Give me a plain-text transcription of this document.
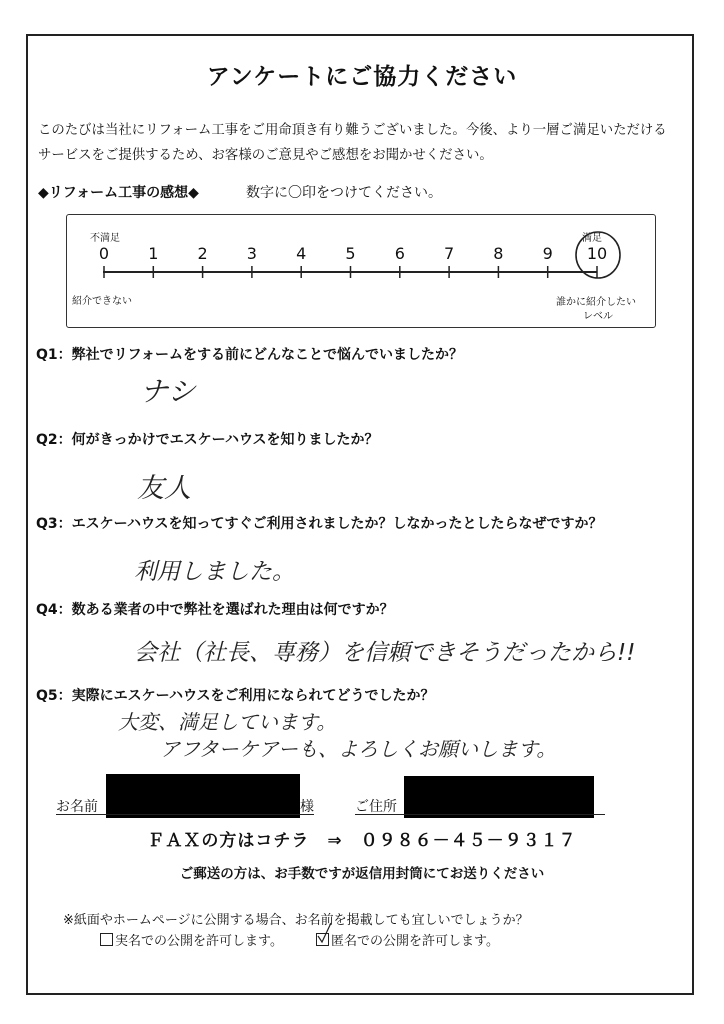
アンケートにご協力ください
このたびは当社にリフォーム工事をご用命頂き有り難うございました。今後、より一層ご満足いただけるサービスをご提供するため、お客様のご意見やご感想をお聞かせください。
◆リフォーム工事の感想◆	数字に〇印をつけてください。
不満足	満足
0	1	2	3	4	5	6	7	8	9	10
紹介できない	誰かに紹介したい
レベル
Q1：弊社でリフォームをする前にどんなことで悩んでいましたか？
ナシ
Q2：何がきっかけでエスケーハウスを知りましたか？
友人
Q3：エスケーハウスを知ってすぐご利用されましたか？しなかったとしたらなぜですか？
利用しました。
Q4：数ある業者の中で弊社を選ばれた理由は何ですか？
会社（社長、専務）を信頼できそうだったから!!
Q5：実際にエスケーハウスをご利用になられてどうでしたか？
大変、満足しています。
アフターケアーも、よろしくお願いします。
お名前	様	ご住所
ＦＡＸの方はコチラ　⇒　０９８６－４５－９３１７
ご郵送の方は、お手数ですが返信用封筒にてお送りください
※紙面やホームページに公開する場合、お名前を掲載しても宜しいでしょうか？
実名での公開を許可します。	匿名での公開を許可します。
